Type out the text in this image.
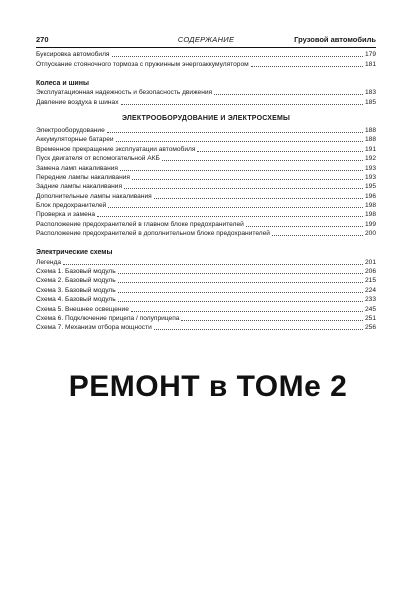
270	СОДЕРЖАНИЕ	Грузовой автомобиль
Буксировка автомобиля	179
Отпускание стояночного тормоза с пружинным энергоаккумулятором	181
Колеса и шины
Эксплуатационная надежность и безопасность движения	183
Давление воздуха в шинах	185
ЭЛЕКТРООБОРУДОВАНИЕ И ЭЛЕКТРОСХЕМЫ
Электрооборудование	188
Аккумуляторные батареи	188
Временное прекращение эксплуатации автомобиля	191
Пуск двигателя от вспомогательной АКБ	192
Замена ламп накаливания	193
Передние лампы накаливания	193
Задние лампы накаливания	195
Дополнительные лампы накаливания	196
Блок предохранителей	198
Проверка и замена	198
Расположение предохранителей в главном блоке предохранителей	199
Расположение предохранителей в дополнительном блоке предохранителей	200
Электрические схемы
Легенда	201
Схема 1. Базовый модуль	206
Схема 2. Базовый модуль	215
Схема 3. Базовый модуль	224
Схема 4. Базовый модуль	233
Схема 5. Внешнее освещение	245
Схема 6. Подключение прицепа / полуприцепа	251
Схема 7. Механизм отбора мощности	256
РЕМОНТ в ТОМе 2
